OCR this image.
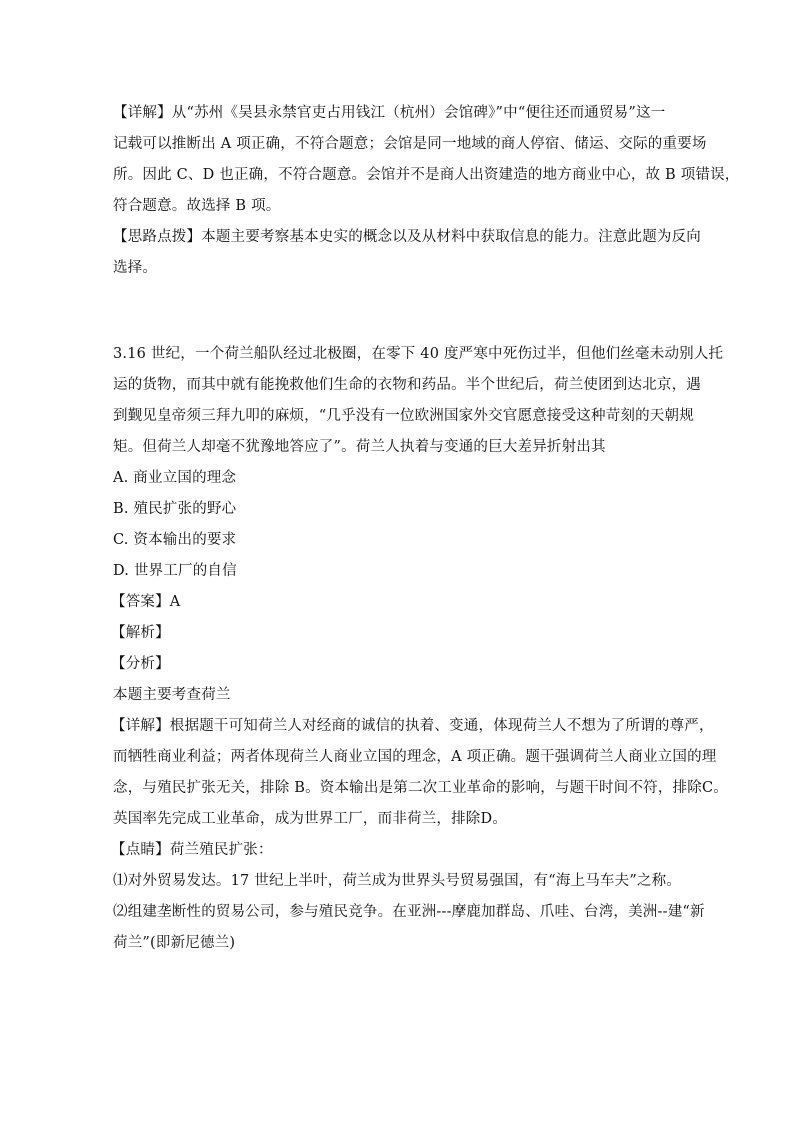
【详解】从“苏州《吴县永禁官吏占用钱江（杭州）会馆碑》”中“便往还而通贸易”这一
记载可以推断出 A 项正确，不符合题意；会馆是同一地域的商人停宿、储运、交际的重要场
所。因此 C、D 也正确，不符合题意。会馆并不是商人出资建造的地方商业中心，故 B 项错误，
符合题意。故选择 B 项。
【思路点拨】本题主要考察基本史实的概念以及从材料中获取信息的能力。注意此题为反向
选择。
3.16 世纪，一个荷兰船队经过北极圈，在零下 40 度严寒中死伤过半，但他们丝毫未动别人托
运的货物，而其中就有能挽救他们生命的衣物和药品。半个世纪后，荷兰使团到达北京，遇
到觐见皇帝须三拜九叩的麻烦，“几乎没有一位欧洲国家外交官愿意接受这种苛刻的天朝规
矩。但荷兰人却毫不犹豫地答应了”。荷兰人执着与变通的巨大差异折射出其
A. 商业立国的理念
B. 殖民扩张的野心
C. 资本输出的要求
D. 世界工厂的自信
【答案】A
【解析】
【分析】
本题主要考查荷兰
【详解】根据题干可知荷兰人对经商的诚信的执着、变通，体现荷兰人不想为了所谓的尊严，
而牺牲商业利益；两者体现荷兰人商业立国的理念，A 项正确。题干强调荷兰人商业立国的理
念，与殖民扩张无关，排除 B。资本输出是第二次工业革命的影响，与题干时间不符，排除C。
英国率先完成工业革命，成为世界工厂，而非荷兰，排除D。
【点睛】荷兰殖民扩张：
⑴对外贸易发达。17 世纪上半叶，荷兰成为世界头号贸易强国，有“海上马车夫”之称。
⑵组建垄断性的贸易公司，参与殖民竞争。在亚洲---摩鹿加群岛、爪哇、台湾，美洲--建“新
荷兰”(即新尼德兰)
